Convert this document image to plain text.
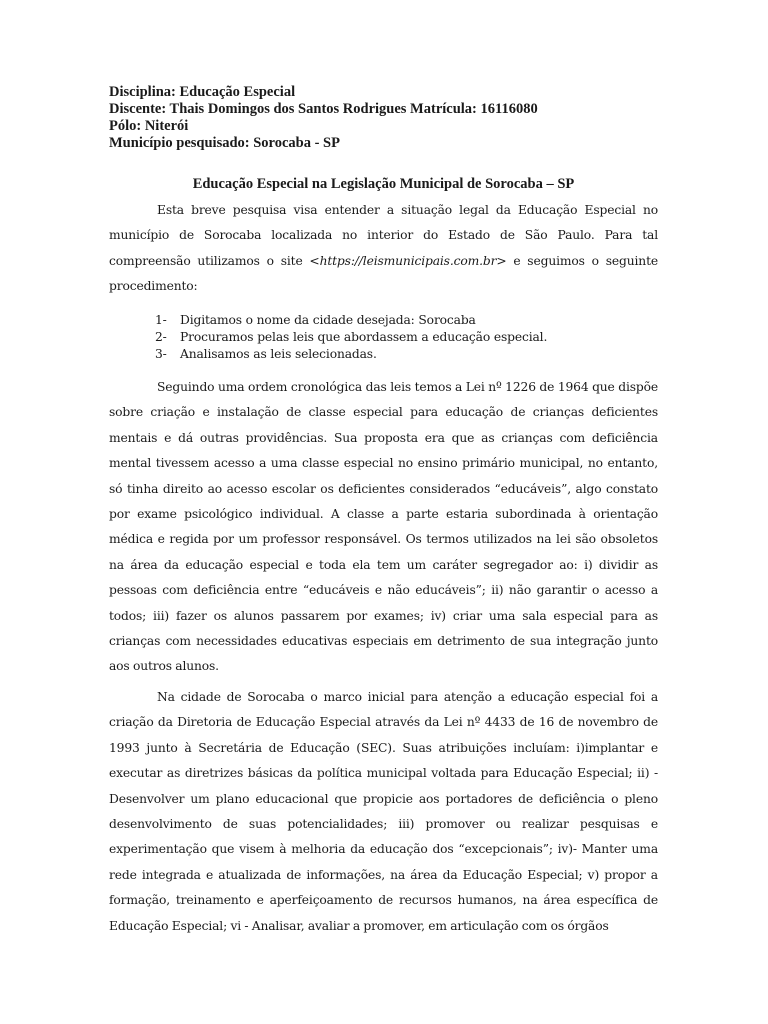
Disciplina: Educação Especial
Discente: Thais Domingos dos Santos Rodrigues Matrícula: 16116080
Pólo: Niterói
Município pesquisado: Sorocaba - SP
Educação Especial na Legislação Municipal de Sorocaba – SP
Esta breve pesquisa visa entender a situação legal da Educação Especial no município de Sorocaba localizada no interior do Estado de São Paulo. Para tal compreensão utilizamos o site <https://leismunicipais.com.br> e seguimos o seguinte procedimento:
1- Digitamos o nome da cidade desejada: Sorocaba
2- Procuramos pelas leis que abordassem a educação especial.
3- Analisamos as leis selecionadas.
Seguindo uma ordem cronológica das leis temos a Lei nº 1226 de 1964 que dispõe sobre criação e instalação de classe especial para educação de crianças deficientes mentais e dá outras providências. Sua proposta era que as crianças com deficiência mental tivessem acesso a uma classe especial no ensino primário municipal, no entanto, só tinha direito ao acesso escolar os deficientes considerados “educáveis”, algo constato por exame psicológico individual. A classe a parte estaria subordinada à orientação médica e regida por um professor responsável. Os termos utilizados na lei são obsoletos na área da educação especial e toda ela tem um caráter segregador ao: i) dividir as pessoas com deficiência entre “educáveis e não educáveis”; ii) não garantir o acesso a todos; iii) fazer os alunos passarem por exames; iv) criar uma sala especial para as crianças com necessidades educativas especiais em detrimento de sua integração junto aos outros alunos.
Na cidade de Sorocaba o marco inicial para atenção a educação especial foi a criação da Diretoria de Educação Especial através da Lei nº 4433 de 16 de novembro de 1993 junto à Secretária de Educação (SEC). Suas atribuições incluíam: i)implantar e executar as diretrizes básicas da política municipal voltada para Educação Especial; ii) - Desenvolver um plano educacional que propicie aos portadores de deficiência o pleno desenvolvimento de suas potencialidades; iii) promover ou realizar pesquisas e experimentação que visem à melhoria da educação dos “excepcionais”; iv)- Manter uma rede integrada e atualizada de informações, na área da Educação Especial; v) propor a formação, treinamento e aperfeiçoamento de recursos humanos, na área específica de Educação Especial; vi - Analisar, avaliar a promover, em articulação com os órgãos
